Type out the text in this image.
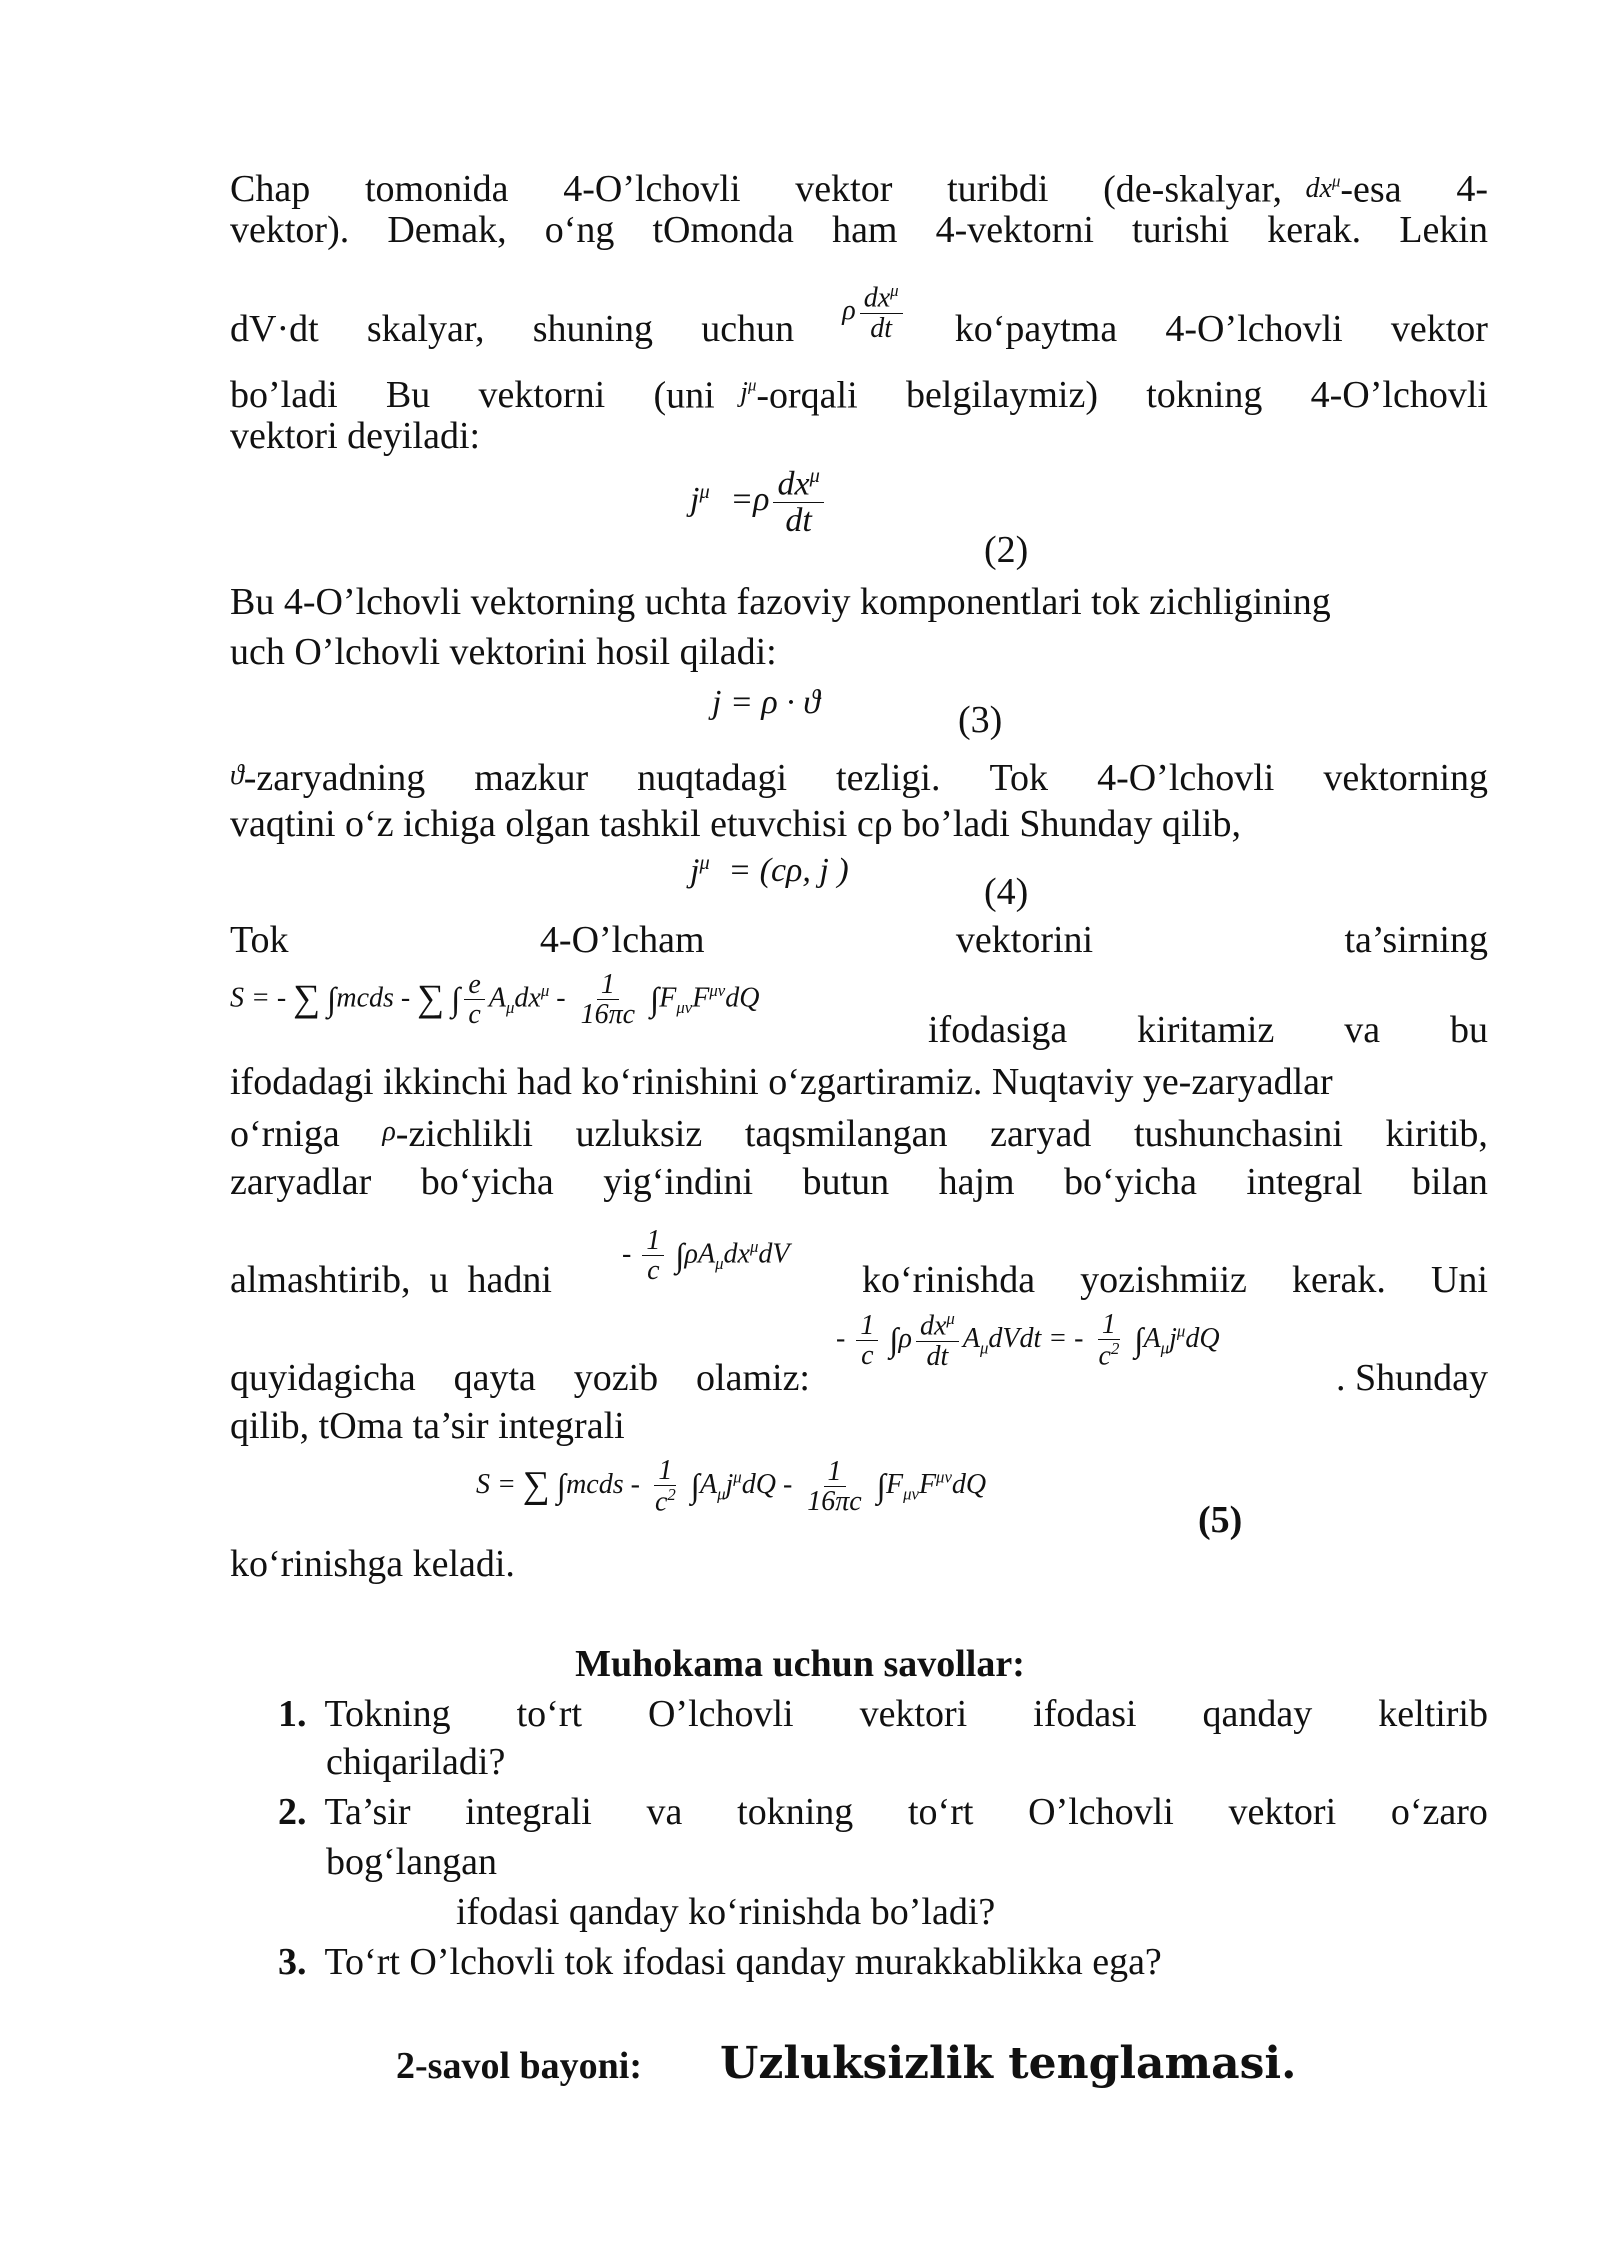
Chap tomonida 4-O’lchovli vektor turibdi (de-skalyar, $dx^\mu$-esa 4-
vektor). Demak, o‘ng tOmonda ham 4-vektorni turishi kerak. Lekin
dV·dt skalyar, shuning uchun ρ $\frac{dx^\mu}{dt}$ ko‘paytma 4-O’lchovli vektor
bo’ladi Bu vektorni (uni $j^\mu$-orqali belgilaymiz) tokning 4-O’lchovli
vektori deyiladi:
$j^\mu =\rho \frac{dx^\mu}{dt}$
(2)
Bu 4-O’lchovli vektorning uchta fazoviy komponentlari tok zichligining
uch O’lchovli vektorini hosil qiladi:
j = ρ · ϑ	(3)
ϑ-zaryadning mazkur nuqtadagi tezligi. Tok 4-O’lchovli vektorning
vaqtini o‘z ichiga olgan tashkil etuvchisi cρ bo’ladi Shunday qilib,
$j^\mu = (c\rho$, j )
(4)
Tok	4-O’lcham	vektorini	ta’sirning
S = - ∑ ∫mcds - ∑ ∫ $\frac{e}{c} A_\mu dx^\mu - \frac{1}{16\pi c} \int F_{\mu\nu}F^{\mu\nu}dQ$
ifodasiga kiritamiz va bu
ifodadagi ikkinchi had ko‘rinishini o‘zgartiramiz. Nuqtaviy ye-zaryadlar
o‘rniga ρ-zichlikli uzluksiz taqsmilangan zaryad tushunchasini kiritib,
zaryadlar bo‘yicha yig‘indini butun hajm bo‘yicha integral bilan
almashtirib, u hadni
- $\frac{1}{c} \int\rho A_\mu dx^\mu dV$
ko‘rinishda yozishmiiz kerak. Uni
quyidagicha qayta yozib olamiz:
- $\frac{1}{c} \int\rho \frac{dx^\mu}{dt}$ $A_\mu dVdt$ = - $\frac{1}{c^2} \int A_\mu j^\mu dQ$
. Shunday
qilib, tOma ta’sir integrali
S = ∑ ∫mcds - $\frac{1}{c^2} \int A_\mu j^\mu dQ - \frac{1}{16\pi c} \int F_{\mu\nu}F^{\mu\nu}dQ$
(5)
ko‘rinishga keladi.
Muhokama uchun savollar:
1. Tokning to‘rt O’lchovli vektori ifodasi qanday keltirib
chiqariladi?
2. Ta’sir integrali va tokning to‘rt O’lchovli vektori o‘zaro
bog‘langan
ifodasi qanday ko‘rinishda bo’ladi?
3. To‘rt O’lchovli tok ifodasi qanday murakkablikka ega?
2-savol bayoni: Uzluksizlik tenglamasi.
